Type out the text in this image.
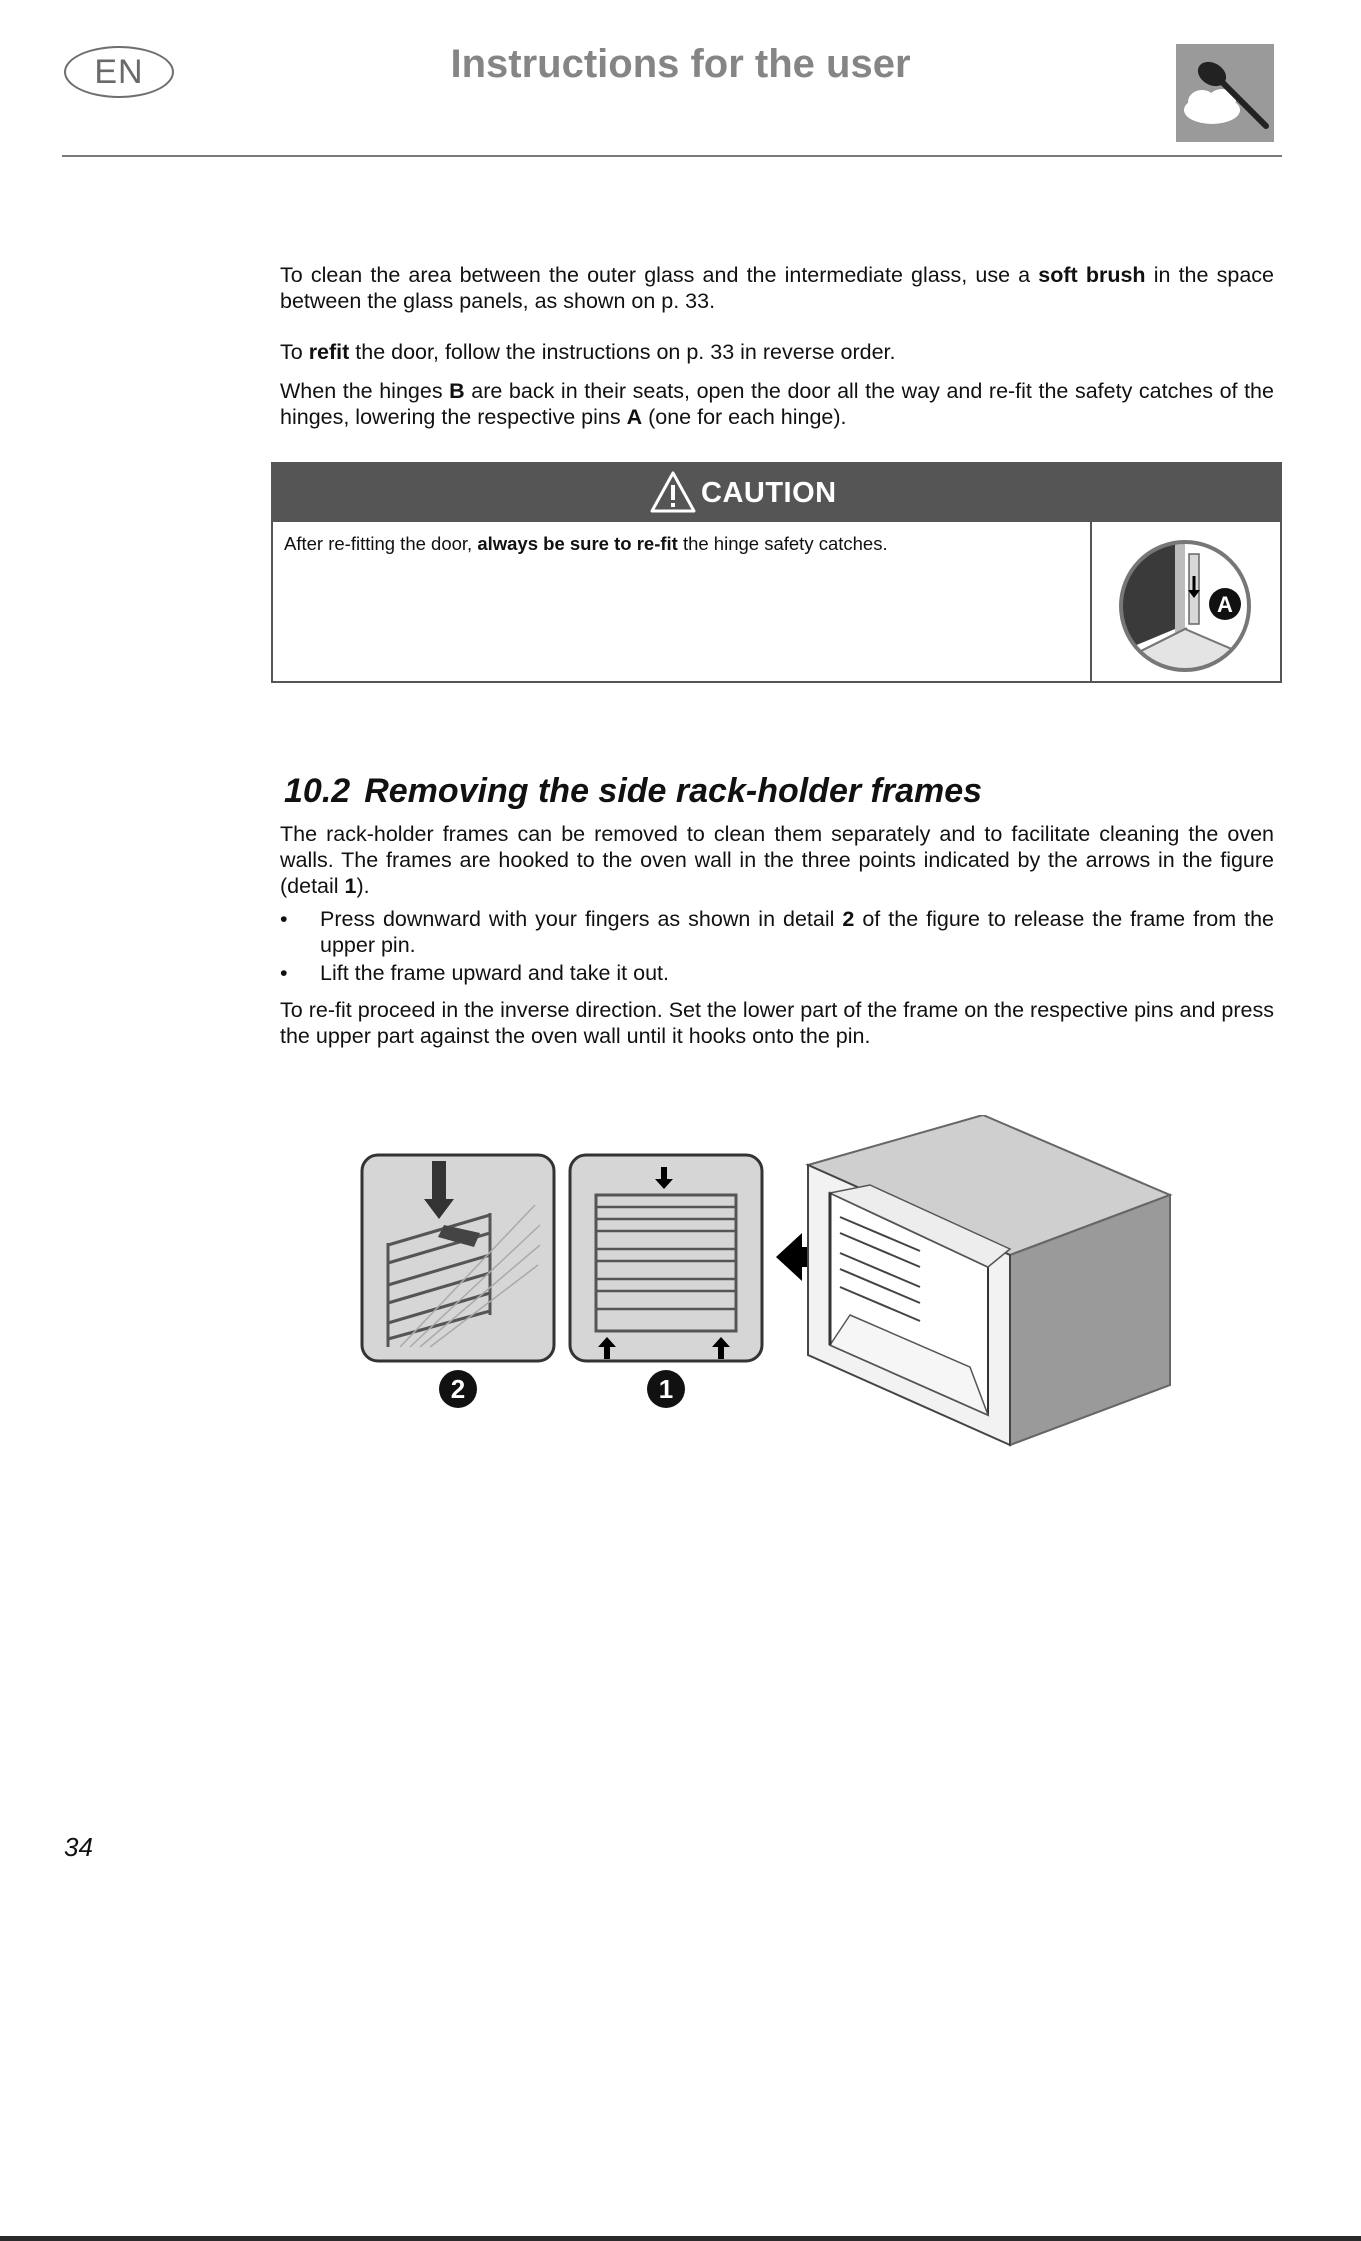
EN	Instructions for the user

To clean the area between the outer glass and the intermediate glass, use a soft brush in the space between the glass panels, as shown on p. 33.

To refit the door, follow the instructions on p. 33 in reverse order.

When the hinges B are back in their seats, open the door all the way and re-fit the safety catches of the hinges, lowering the respective pins A (one for each hinge).

CAUTION
After re-fitting the door, always be sure to re-fit the hinge safety catches.
A
10.2 Removing the side rack-holder frames

The rack-holder frames can be removed to clean them separately and to facilitate cleaning the oven walls. The frames are hooked to the oven wall in the three points indicated by the arrows in the figure (detail 1).

• Press downward with your fingers as shown in detail 2 of the figure to release the frame from the upper pin.
• Lift the frame upward and take it out.

To re-fit proceed in the inverse direction. Set the lower part of the frame on the respective pins and press the upper part against the oven wall until it hooks onto the pin.

2	1
34
